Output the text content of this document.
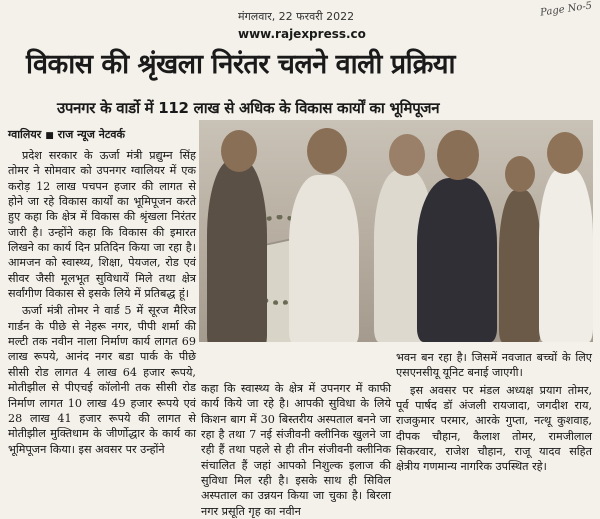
मंगलवार, 22 फरवरी 2022
www.rajexpress.co
Page No-5
विकास की श्रृंखला निरंतर चलने वाली प्रक्रिया
उपनगर के वार्डो में 112 लाख से अधिक के विकास कार्यों का भूमिपूजन
ग्वालियर ■ राज न्यूज नेटवर्क

प्रदेश सरकार के ऊर्जा मंत्री प्रद्युम्न सिंह तोमर ने सोमवार को उपनगर ग्वालियर में एक करोड़ 12 लाख पचपन हजार की लागत से होने जा रहे विकास कार्यों का भूमिपूजन करते हुए कहा कि क्षेत्र में विकास की श्रृंखला निरंतर जारी है। उन्होंने कहा कि विकास की इमारत लिखने का कार्य दिन प्रतिदिन किया जा रहा है। आमजन को स्वास्थ्य, शिक्षा, पेयजल, रोड एवं सीवर जैसी मूलभूत सुविधायें मिले तथा क्षेत्र सर्वांगीण विकास से इसके लिये में प्रतिबद्ध हूं।

ऊर्जा मंत्री तोमर ने वार्ड 5 में सूरज मैरिज गार्डन के पीछे से नेहरू नगर, पीपी शर्मा की मल्टी तक नवीन नाला निर्माण कार्य लागत 69 लाख रूपये, आनंद नगर बडा पार्क के पीछे सीसी रोड लागत 4 लाख 64 हजार रूपये, मोतीझील से पीएचई कॉलोनी तक सीसी रोड निर्माण लागत 10 लाख 49 हजार रूपये एवं 28 लाख 41 हजार रूपये की लागत से मोतीझील मुक्तिधाम के जीर्णोद्धार के कार्य का भूमिपूजन किया। इस अवसर पर उन्होंने

कहा कि स्वास्थ्य के क्षेत्र में उपनगर में काफी कार्य किये जा रहे है। आपकी सुविधा के लिये किशन बाग में 30 बिस्तरीय अस्पताल बनने जा रहा है तथा 7 नई संजीवनी क्लीनिक खुलने जा रही हैं तथा पहले से ही तीन संजीवनी क्लीनिक संचालित हैं जहां आपको निशुल्क इलाज की सुविधा मिल रही है। इसके साथ ही सिविल अस्पताल का उन्नयन किया जा चुका है। बिरला नगर प्रसूति गृह का नवीन

भवन बन रहा है। जिसमें नवजात बच्चों के लिए एसएनसीयू यूनिट बनाई जाएगी।

इस अवसर पर मंडल अध्यक्ष प्रयाग तोमर, पूर्व पार्षद डॉ अंजली रायजादा, जगदीश राय, राजकुमार परमार, आरके गुप्ता, नत्थू कुशवाह, दीपक चौहान, कैलाश तोमर, रामजीलाल सिकरवार, राजेश चौहान, राजू यादव सहित क्षेत्रीय गणमान्य नागरिक उपस्थित रहे।
